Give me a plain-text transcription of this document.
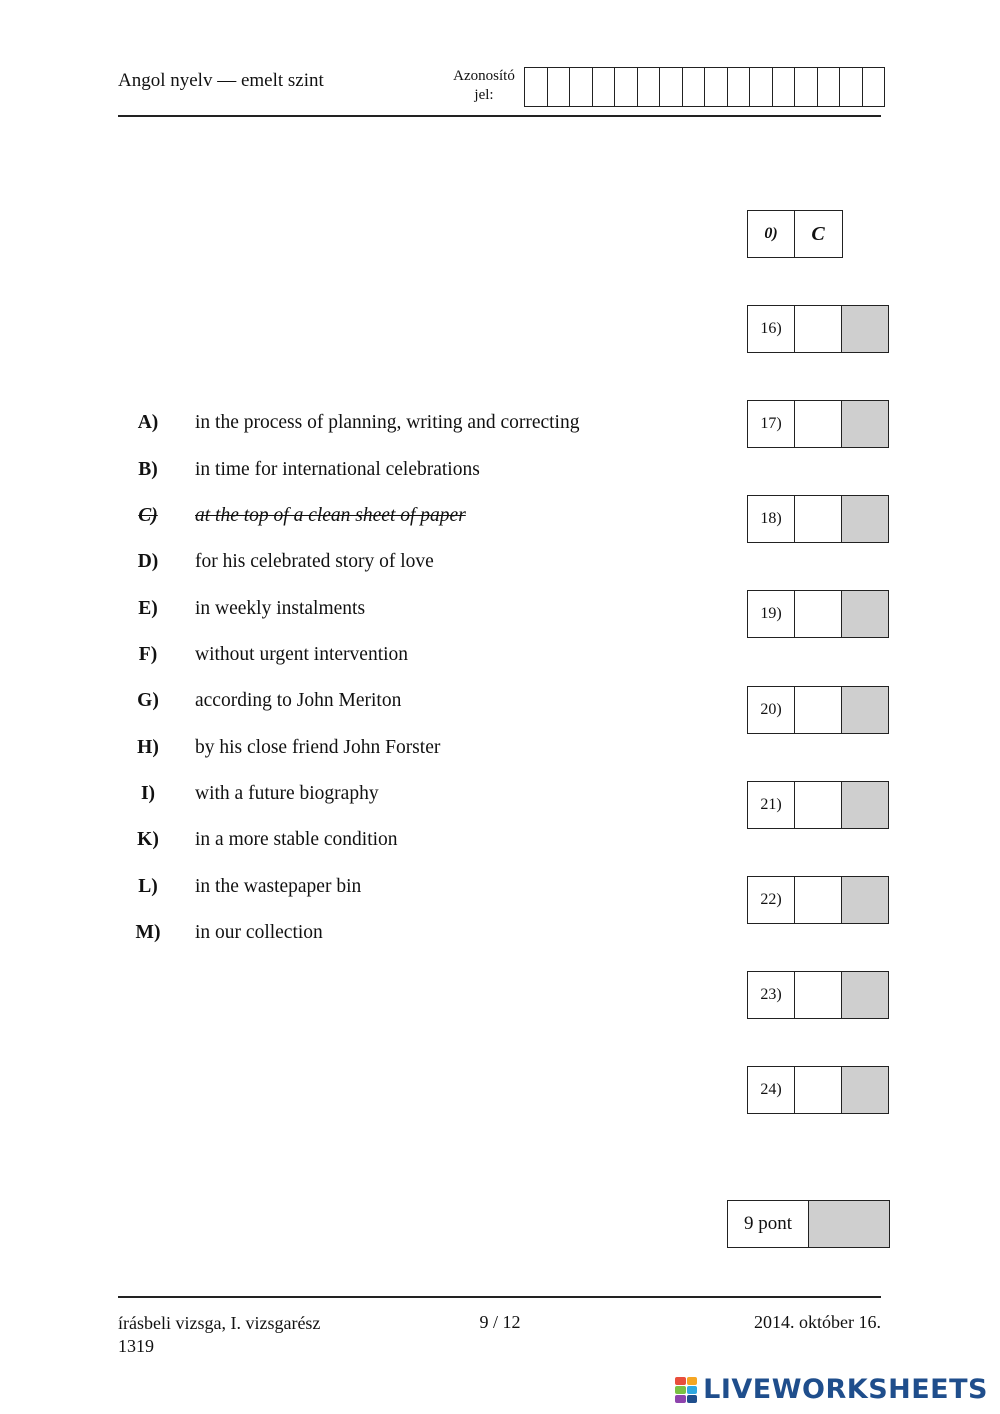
Angol nyelv — emelt szint	Azonosító
jel:
0)	C
16)
17)
18)
19)
20)
21)
22)
23)
24)
A)	in the process of planning, writing and correcting
B)	in time for international celebrations
C)	at the top of a clean sheet of paper
D)	for his celebrated story of love
E)	in weekly instalments
F)	without urgent intervention
G)	according to John Meriton
H)	by his close friend John Forster
I)	with a future biography
K)	in a more stable condition
L)	in the wastepaper bin
M) in our collection
9 pont
írásbeli vizsga, I. vizsgarész
1319
9 / 12	2014. október 16.
LIVEWORKSHEETS
